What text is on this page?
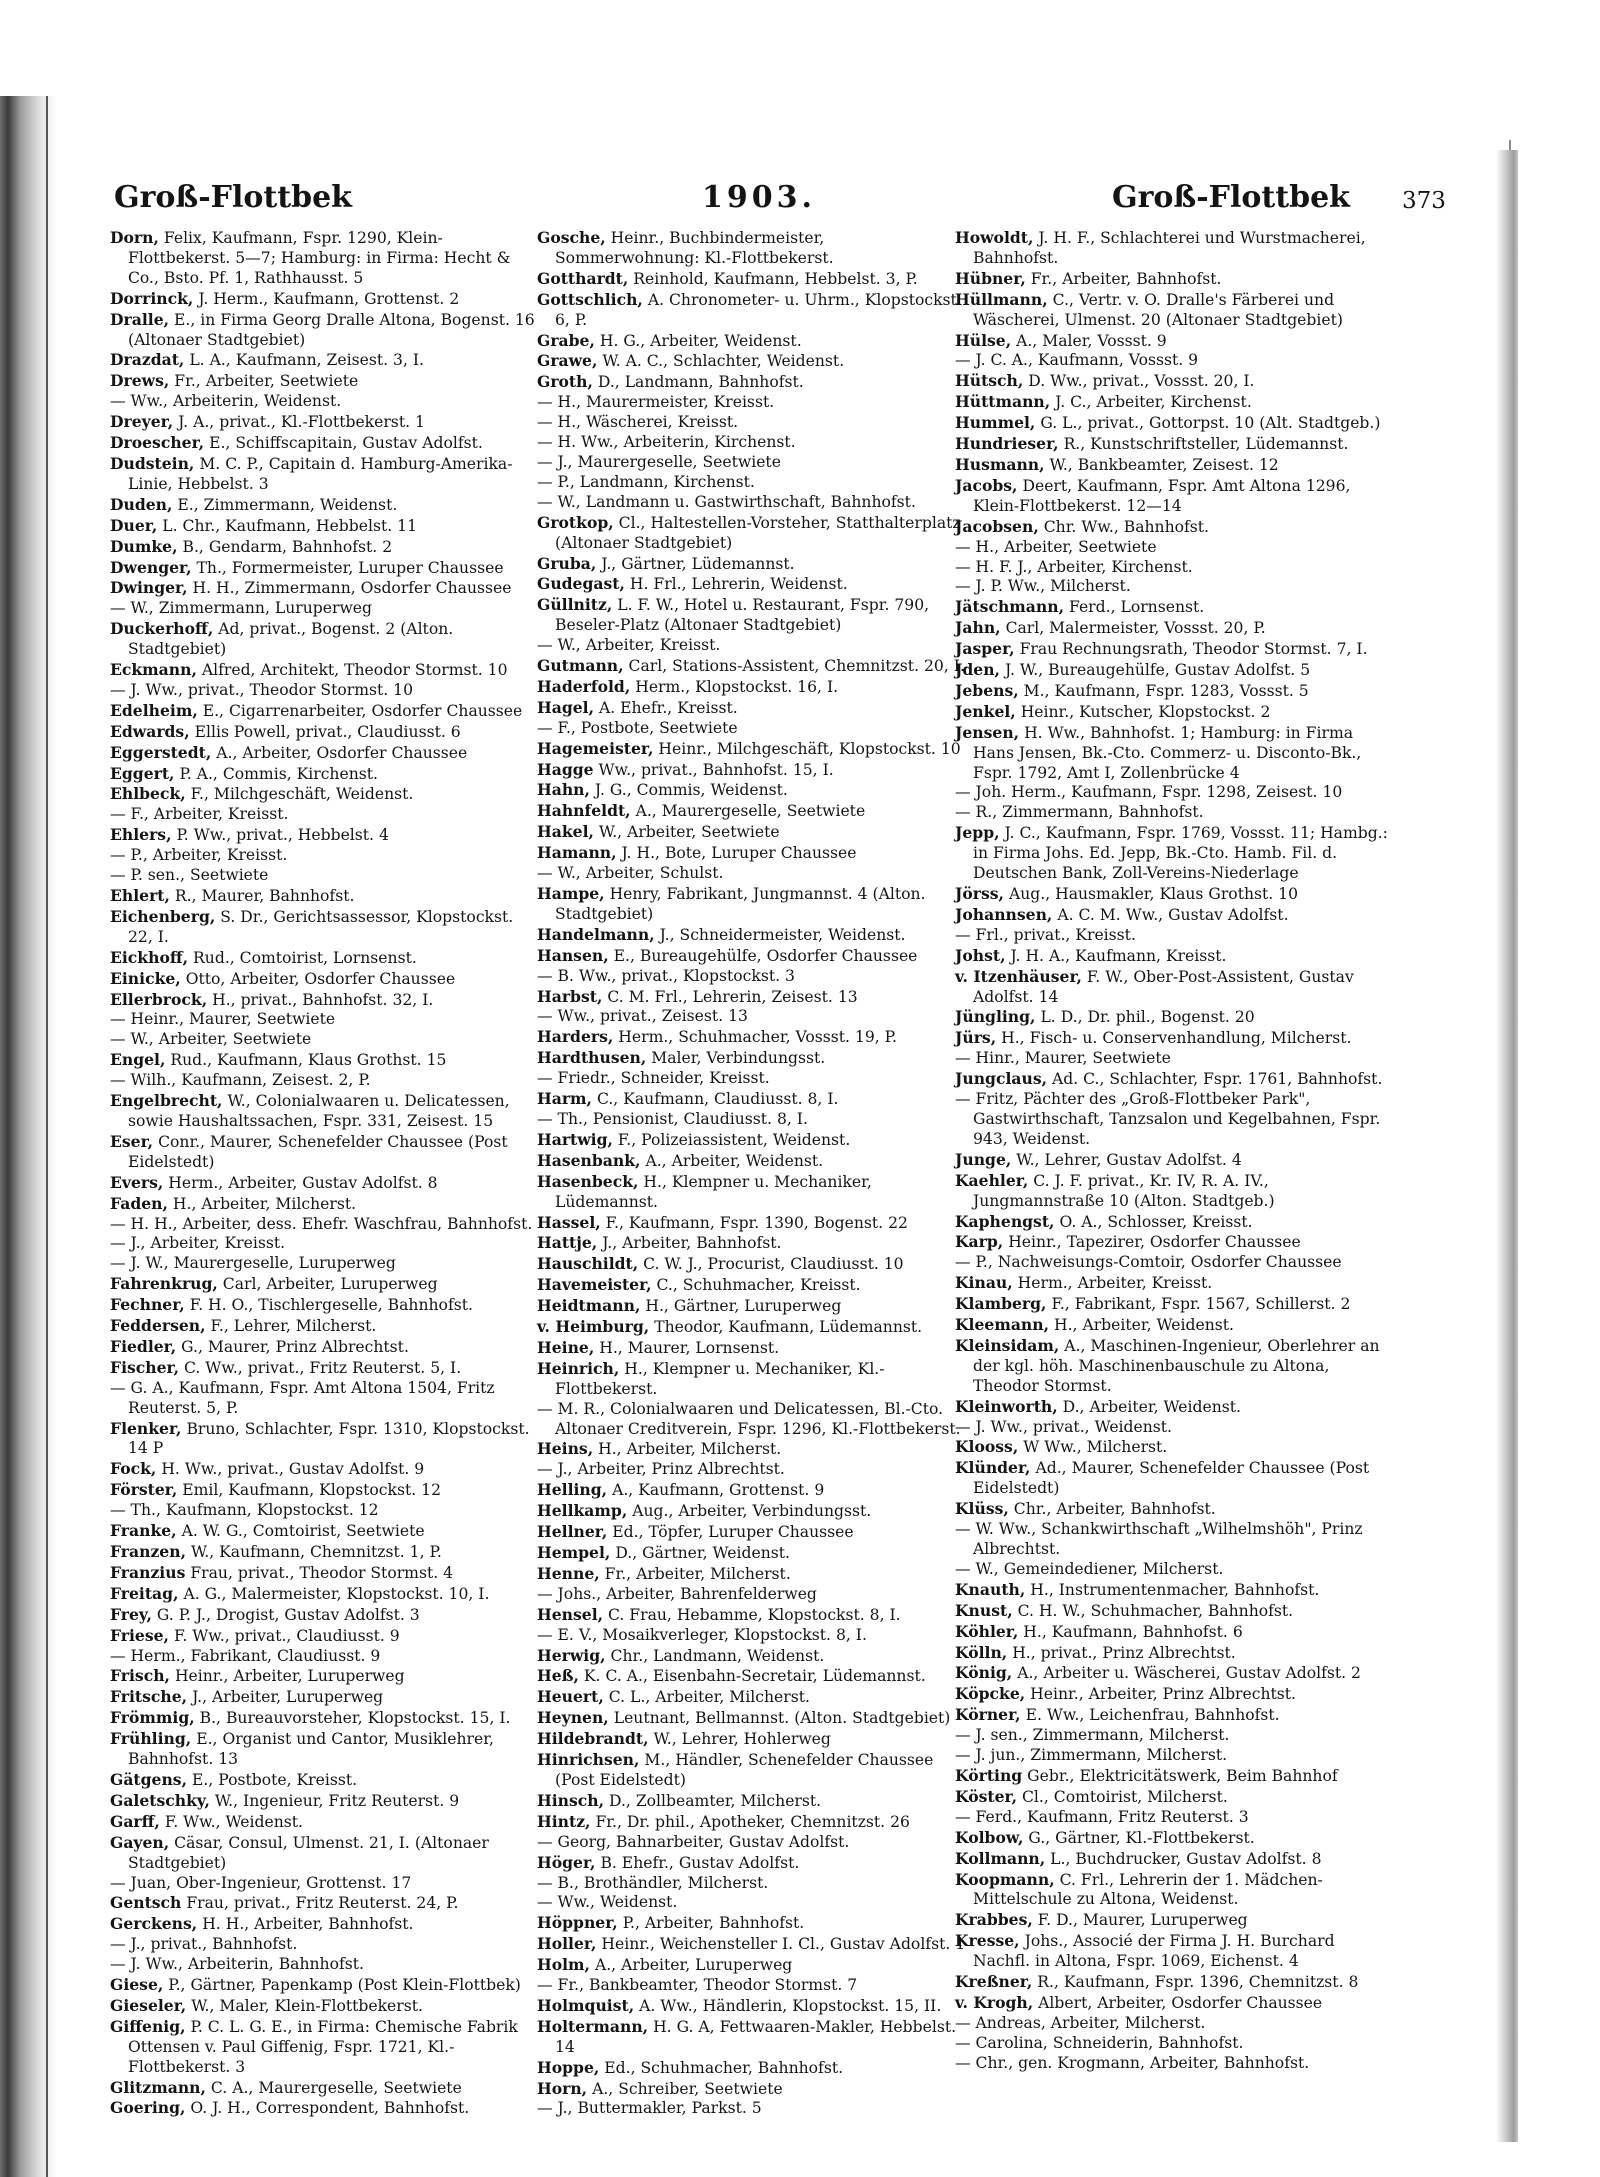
Groß-Flottbek	1903.	Groß-Flottbek 373

Dorn, Felix, Kaufmann, Fspr. 1290, Klein-Flottbekerst. 5—7; Hamburg: in Firma: Hecht & Co., Bsto. Pf. 1, Rathhausst. 5

Dorrinck, J. Herm., Kaufmann, Grottenst. 2

Dralle, E., in Firma Georg Dralle Altona, Bogenst. 16 (Altonaer Stadtgebiet)

Drazdat, L. A., Kaufmann, Zeisest. 3, I.

Drews, Fr., Arbeiter, Seetwiete

— Ww., Arbeiterin, Weidenst.

Dreyer, J. A., privat., Kl.-Flottbekerst. 1

Droescher, E., Schiffscapitain, Gustav Adolfst.

Dudstein, M. C. P., Capitain d. Hamburg-Amerika-Linie, Hebbelst. 3

Duden, E., Zimmermann, Weidenst.

Duer, L. Chr., Kaufmann, Hebbelst. 11

Dumke, B., Gendarm, Bahnhofst. 2

Dwenger, Th., Formermeister, Luruper Chaussee

Dwinger, H. H., Zimmermann, Osdorfer Chaussee

— W., Zimmermann, Luruperweg

Duckerhoff, Ad, privat., Bogenst. 2 (Alton. Stadtgebiet)

Eckmann, Alfred, Architekt, Theodor Stormst. 10

— J. Ww., privat., Theodor Stormst. 10

Edelheim, E., Cigarrenarbeiter, Osdorfer Chaussee

Edwards, Ellis Powell, privat., Claudiusst. 6

Eggerstedt, A., Arbeiter, Osdorfer Chaussee

Eggert, P. A., Commis, Kirchenst.

Ehlbeck, F., Milchgeschäft, Weidenst.

— F., Arbeiter, Kreisst.

Ehlers, P. Ww., privat., Hebbelst. 4

— P., Arbeiter, Kreisst.

— P. sen., Seetwiete

Ehlert, R., Maurer, Bahnhofst.

Eichenberg, S. Dr., Gerichtsassessor, Klopstockst. 22, I.

Eickhoff, Rud., Comtoirist, Lornsenst.

Einicke, Otto, Arbeiter, Osdorfer Chaussee

Ellerbrock, H., privat., Bahnhofst. 32, I.

— Heinr., Maurer, Seetwiete

— W., Arbeiter, Seetwiete

Engel, Rud., Kaufmann, Klaus Grothst. 15

— Wilh., Kaufmann, Zeisest. 2, P.

Engelbrecht, W., Colonialwaaren u. Delicatessen, sowie Haushaltssachen, Fspr. 331, Zeisest. 15

Eser, Conr., Maurer, Schenefelder Chaussee (Post Eidelstedt)

Evers, Herm., Arbeiter, Gustav Adolfst. 8

Faden, H., Arbeiter, Milcherst.

— H. H., Arbeiter, dess. Ehefr. Waschfrau, Bahnhofst.

— J., Arbeiter, Kreisst.

— J. W., Maurergeselle, Luruperweg

Fahrenkrug, Carl, Arbeiter, Luruperweg

Fechner, F. H. O., Tischlergeselle, Bahnhofst.

Feddersen, F., Lehrer, Milcherst.

Fiedler, G., Maurer, Prinz Albrechtst.

Fischer, C. Ww., privat., Fritz Reuterst. 5, I.

— G. A., Kaufmann, Fspr. Amt Altona 1504, Fritz Reuterst. 5, P.

Flenker, Bruno, Schlachter, Fspr. 1310, Klopstockst. 14 P

Fock, H. Ww., privat., Gustav Adolfst. 9

Förster, Emil, Kaufmann, Klopstockst. 12

— Th., Kaufmann, Klopstockst. 12

Franke, A. W. G., Comtoirist, Seetwiete

Franzen, W., Kaufmann, Chemnitzst. 1, P.

Franzius Frau, privat., Theodor Stormst. 4

Freitag, A. G., Malermeister, Klopstockst. 10, I.

Frey, G. P. J., Drogist, Gustav Adolfst. 3

Friese, F. Ww., privat., Claudiusst. 9

— Herm., Fabrikant, Claudiusst. 9

Frisch, Heinr., Arbeiter, Luruperweg

Fritsche, J., Arbeiter, Luruperweg

Frömmig, B., Bureauvorsteher, Klopstockst. 15, I.

Frühling, E., Organist und Cantor, Musiklehrer, Bahnhofst. 13

Gätgens, E., Postbote, Kreisst.

Galetschky, W., Ingenieur, Fritz Reuterst. 9

Garff, F. Ww., Weidenst.

Gayen, Cäsar, Consul, Ulmenst. 21, I. (Altonaer Stadtgebiet)

— Juan, Ober-Ingenieur, Grottenst. 17

Gentsch Frau, privat., Fritz Reuterst. 24, P.

Gerckens, H. H., Arbeiter, Bahnhofst.

— J., privat., Bahnhofst.

— J. Ww., Arbeiterin, Bahnhofst.

Giese, P., Gärtner, Papenkamp (Post Klein-Flottbek)

Gieseler, W., Maler, Klein-Flottbekerst.

Giffenig, P. C. L. G. E., in Firma: Chemische Fabrik Ottensen v. Paul Giffenig, Fspr. 1721, Kl.-Flottbekerst. 3

Glitzmann, C. A., Maurergeselle, Seetwiete

Goering, O. J. H., Correspondent, Bahnhofst.

Gosche, Heinr., Buchbindermeister, Sommerwohnung: Kl.-Flottbekerst.

Gotthardt, Reinhold, Kaufmann, Hebbelst. 3, P.

Gottschlich, A. Chronometer- u. Uhrm., Klopstockst. 6, P.

Grabe, H. G., Arbeiter, Weidenst.

Grawe, W. A. C., Schlachter, Weidenst.

Groth, D., Landmann, Bahnhofst.

— H., Maurermeister, Kreisst.

— H., Wäscherei, Kreisst.

— H. Ww., Arbeiterin, Kirchenst.

— J., Maurergeselle, Seetwiete

— P., Landmann, Kirchenst.

— W., Landmann u. Gastwirthschaft, Bahnhofst.

Grotkop, Cl., Haltestellen-Vorsteher, Statthalterplatz (Altonaer Stadtgebiet)

Gruba, J., Gärtner, Lüdemannst.

Gudegast, H. Frl., Lehrerin, Weidenst.

Güllnitz, L. F. W., Hotel u. Restaurant, Fspr. 790, Beseler-Platz (Altonaer Stadtgebiet)

— W., Arbeiter, Kreisst.

Gutmann, Carl, Stations-Assistent, Chemnitzst. 20, I.

Haderfold, Herm., Klopstockst. 16, I.

Hagel, A. Ehefr., Kreisst.

— F., Postbote, Seetwiete

Hagemeister, Heinr., Milchgeschäft, Klopstockst. 10

Hagge Ww., privat., Bahnhofst. 15, I.

Hahn, J. G., Commis, Weidenst.

Hahnfeldt, A., Maurergeselle, Seetwiete

Hakel, W., Arbeiter, Seetwiete

Hamann, J. H., Bote, Luruper Chaussee

— W., Arbeiter, Schulst.

Hampe, Henry, Fabrikant, Jungmannst. 4 (Alton. Stadtgebiet)

Handelmann, J., Schneidermeister, Weidenst.

Hansen, E., Bureaugehülfe, Osdorfer Chaussee

— B. Ww., privat., Klopstockst. 3

Harbst, C. M. Frl., Lehrerin, Zeisest. 13

— Ww., privat., Zeisest. 13

Harders, Herm., Schuhmacher, Vossst. 19, P.

Hardthusen, Maler, Verbindungsst.

— Friedr., Schneider, Kreisst.

Harm, C., Kaufmann, Claudiusst. 8, I.

— Th., Pensionist, Claudiusst. 8, I.

Hartwig, F., Polizeiassistent, Weidenst.

Hasenbank, A., Arbeiter, Weidenst.

Hasenbeck, H., Klempner u. Mechaniker, Lüdemannst.

Hassel, F., Kaufmann, Fspr. 1390, Bogenst. 22

Hattje, J., Arbeiter, Bahnhofst.

Hauschildt, C. W. J., Procurist, Claudiusst. 10

Havemeister, C., Schuhmacher, Kreisst.

Heidtmann, H., Gärtner, Luruperweg

v. Heimburg, Theodor, Kaufmann, Lüdemannst.

Heine, H., Maurer, Lornsenst.

Heinrich, H., Klempner u. Mechaniker, Kl.-Flottbekerst.

— M. R., Colonialwaaren und Delicatessen, Bl.-Cto. Altonaer Creditverein, Fspr. 1296, Kl.-Flottbekerst.

Heins, H., Arbeiter, Milcherst.

— J., Arbeiter, Prinz Albrechtst.

Helling, A., Kaufmann, Grottenst. 9

Hellkamp, Aug., Arbeiter, Verbindungsst.

Hellner, Ed., Töpfer, Luruper Chaussee

Hempel, D., Gärtner, Weidenst.

Henne, Fr., Arbeiter, Milcherst.

— Johs., Arbeiter, Bahrenfelderweg

Hensel, C. Frau, Hebamme, Klopstockst. 8, I.

— E. V., Mosaikverleger, Klopstockst. 8, I.

Herwig, Chr., Landmann, Weidenst.

Heß, K. C. A., Eisenbahn-Secretair, Lüdemannst.

Heuert, C. L., Arbeiter, Milcherst.

Heynen, Leutnant, Bellmannst. (Alton. Stadtgebiet)

Hildebrandt, W., Lehrer, Hohlerweg

Hinrichsen, M., Händler, Schenefelder Chaussee (Post Eidelstedt)

Hinsch, D., Zollbeamter, Milcherst.

Hintz, Fr., Dr. phil., Apotheker, Chemnitzst. 26

— Georg, Bahnarbeiter, Gustav Adolfst.

Höger, B. Ehefr., Gustav Adolfst.

— B., Brothändler, Milcherst.

— Ww., Weidenst.

Höppner, P., Arbeiter, Bahnhofst.

Holler, Heinr., Weichensteller I. Cl., Gustav Adolfst. 1

Holm, A., Arbeiter, Luruperweg

— Fr., Bankbeamter, Theodor Stormst. 7

Holmquist, A. Ww., Händlerin, Klopstockst. 15, II.

Holtermann, H. G. A, Fettwaaren-Makler, Hebbelst. 14

Hoppe, Ed., Schuhmacher, Bahnhofst.

Horn, A., Schreiber, Seetwiete

— J., Buttermakler, Parkst. 5

Howoldt, J. H. F., Schlachterei und Wurstmacherei, Bahnhofst.

Hübner, Fr., Arbeiter, Bahnhofst.

Hüllmann, C., Vertr. v. O. Dralle's Färberei und Wäscherei, Ulmenst. 20 (Altonaer Stadtgebiet)

Hülse, A., Maler, Vossst. 9

— J. C. A., Kaufmann, Vossst. 9

Hütsch, D. Ww., privat., Vossst. 20, I.

Hüttmann, J. C., Arbeiter, Kirchenst.

Hummel, G. L., privat., Gottorpst. 10 (Alt. Stadtgeb.)

Hundrieser, R., Kunstschriftsteller, Lüdemannst.

Husmann, W., Bankbeamter, Zeisest. 12

Jacobs, Deert, Kaufmann, Fspr. Amt Altona 1296, Klein-Flottbekerst. 12—14

Jacobsen, Chr. Ww., Bahnhofst.

— H., Arbeiter, Seetwiete

— H. F. J., Arbeiter, Kirchenst.

— J. P. Ww., Milcherst.

Jätschmann, Ferd., Lornsenst.

Jahn, Carl, Malermeister, Vossst. 20, P.

Jasper, Frau Rechnungsrath, Theodor Stormst. 7, I.

Jden, J. W., Bureaugehülfe, Gustav Adolfst. 5

Jebens, M., Kaufmann, Fspr. 1283, Vossst. 5

Jenkel, Heinr., Kutscher, Klopstockst. 2

Jensen, H. Ww., Bahnhofst. 1; Hamburg: in Firma Hans Jensen, Bk.-Cto. Commerz- u. Disconto-Bk., Fspr. 1792, Amt I, Zollenbrücke 4

— Joh. Herm., Kaufmann, Fspr. 1298, Zeisest. 10

— R., Zimmermann, Bahnhofst.

Jepp, J. C., Kaufmann, Fspr. 1769, Vossst. 11; Hambg.: in Firma Johs. Ed. Jepp, Bk.-Cto. Hamb. Fil. d. Deutschen Bank, Zoll-Vereins-Niederlage

Jörss, Aug., Hausmakler, Klaus Grothst. 10

Johannsen, A. C. M. Ww., Gustav Adolfst.

— Frl., privat., Kreisst.

Johst, J. H. A., Kaufmann, Kreisst.

v. Itzenhäuser, F. W., Ober-Post-Assistent, Gustav Adolfst. 14

Jüngling, L. D., Dr. phil., Bogenst. 20

Jürs, H., Fisch- u. Conservenhandlung, Milcherst.

— Hinr., Maurer, Seetwiete

Jungclaus, Ad. C., Schlachter, Fspr. 1761, Bahnhofst.

— Fritz, Pächter des „Groß-Flottbeker Park", Gastwirthschaft, Tanzsalon und Kegelbahnen, Fspr. 943, Weidenst.

Junge, W., Lehrer, Gustav Adolfst. 4

Kaehler, C. J. F. privat., Kr. IV, R. A. IV., Jungmannstraße 10 (Alton. Stadtgeb.)

Kaphengst, O. A., Schlosser, Kreisst.

Karp, Heinr., Tapezirer, Osdorfer Chaussee

— P., Nachweisungs-Comtoir, Osdorfer Chaussee

Kinau, Herm., Arbeiter, Kreisst.

Klamberg, F., Fabrikant, Fspr. 1567, Schillerst. 2

Kleemann, H., Arbeiter, Weidenst.

Kleinsidam, A., Maschinen-Ingenieur, Oberlehrer an der kgl. höh. Maschinenbauschule zu Altona, Theodor Stormst.

Kleinworth, D., Arbeiter, Weidenst.

— J. Ww., privat., Weidenst.

Klooss, W Ww., Milcherst.

Klünder, Ad., Maurer, Schenefelder Chaussee (Post Eidelstedt)

Klüss, Chr., Arbeiter, Bahnhofst.

— W. Ww., Schankwirthschaft „Wilhelmshöh", Prinz Albrechtst.

— W., Gemeindediener, Milcherst.

Knauth, H., Instrumentenmacher, Bahnhofst.

Knust, C. H. W., Schuhmacher, Bahnhofst.

Köhler, H., Kaufmann, Bahnhofst. 6

Kölln, H., privat., Prinz Albrechtst.

König, A., Arbeiter u. Wäscherei, Gustav Adolfst. 2

Köpcke, Heinr., Arbeiter, Prinz Albrechtst.

Körner, E. Ww., Leichenfrau, Bahnhofst.

— J. sen., Zimmermann, Milcherst.

— J. jun., Zimmermann, Milcherst.

Körting Gebr., Elektricitätswerk, Beim Bahnhof

Köster, Cl., Comtoirist, Milcherst.

— Ferd., Kaufmann, Fritz Reuterst. 3

Kolbow, G., Gärtner, Kl.-Flottbekerst.

Kollmann, L., Buchdrucker, Gustav Adolfst. 8

Koopmann, C. Frl., Lehrerin der 1. Mädchen-Mittelschule zu Altona, Weidenst.

Krabbes, F. D., Maurer, Luruperweg

Kresse, Johs., Associé der Firma J. H. Burchard Nachfl. in Altona, Fspr. 1069, Eichenst. 4

Kreßner, R., Kaufmann, Fspr. 1396, Chemnitzst. 8

v. Krogh, Albert, Arbeiter, Osdorfer Chaussee

— Andreas, Arbeiter, Milcherst.

— Carolina, Schneiderin, Bahnhofst.

— Chr., gen. Krogmann, Arbeiter, Bahnhofst.
